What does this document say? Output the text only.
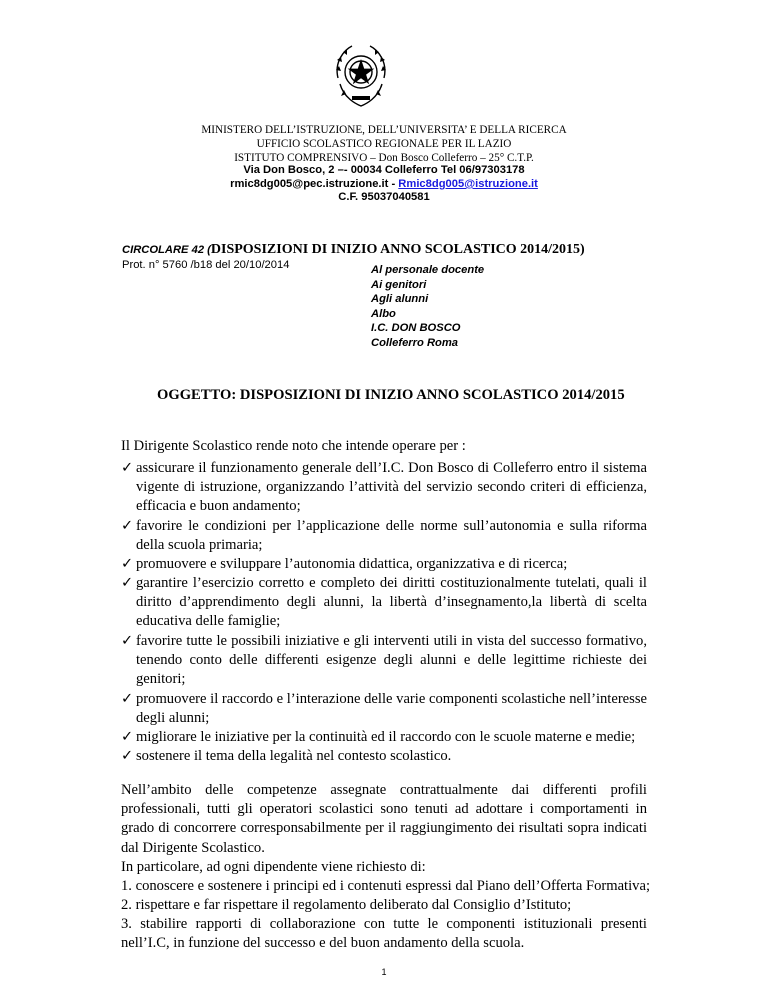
MINISTERO DELL’ISTRUZIONE, DELL’UNIVERSITA’ E DELLA RICERCA
UFFICIO SCOLASTICO REGIONALE PER IL LAZIO
ISTITUTO COMPRENSIVO – Don Bosco Colleferro – 25° C.T.P.
Via Don Bosco, 2 –- 00034 Colleferro Tel 06/97303178
rmic8dg005@pec.istruzione.it - Rmic8dg005@istruzione.it
C.F. 95037040581
CIRCOLARE 42 (DISPOSIZIONI DI INIZIO ANNO SCOLASTICO 2014/2015)
Prot. n° 5760 /b18 del 20/10/2014	Al personale docente
Ai genitori
Agli alunni
Albo
I.C. DON BOSCO
Colleferro Roma
OGGETTO: DISPOSIZIONI DI INIZIO ANNO SCOLASTICO 2014/2015
Il Dirigente Scolastico rende noto che intende operare per :
✓ assicurare il funzionamento generale dell’I.C. Don Bosco di Colleferro entro il sistema vigente di istruzione, organizzando l’attività del servizio secondo criteri di efficienza, efficacia e buon andamento;
✓ favorire le condizioni per l’applicazione delle norme sull’autonomia e sulla riforma della scuola primaria;
✓ promuovere e sviluppare l’autonomia didattica, organizzativa e di ricerca;
✓ garantire l’esercizio corretto e completo dei diritti costituzionalmente tutelati, quali il diritto d’apprendimento degli alunni, la libertà d’insegnamento,la libertà di scelta educativa delle famiglie;
✓ favorire tutte le possibili iniziative e gli interventi utili in vista del successo formativo, tenendo conto delle differenti esigenze degli alunni e delle legittime richieste dei genitori;
✓ promuovere il raccordo e l’interazione delle varie componenti scolastiche nell’interesse degli alunni;
✓ migliorare le iniziative per la continuità ed il raccordo con le scuole materne e medie;
✓ sostenere il tema della legalità nel contesto scolastico.
Nell’ambito delle competenze assegnate contrattualmente dai differenti profili professionali, tutti gli operatori scolastici sono tenuti ad adottare i comportamenti in grado di concorrere corresponsabilmente per il raggiungimento dei risultati sopra indicati dal Dirigente Scolastico.
In particolare, ad ogni dipendente viene richiesto di:
1. conoscere e sostenere i principi ed i contenuti espressi dal Piano dell’Offerta Formativa;
2. rispettare e far rispettare il regolamento deliberato dal Consiglio d’Istituto;
3. stabilire rapporti di collaborazione con tutte le componenti istituzionali presenti nell’I.C, in funzione del successo e del buon andamento della scuola.
1
